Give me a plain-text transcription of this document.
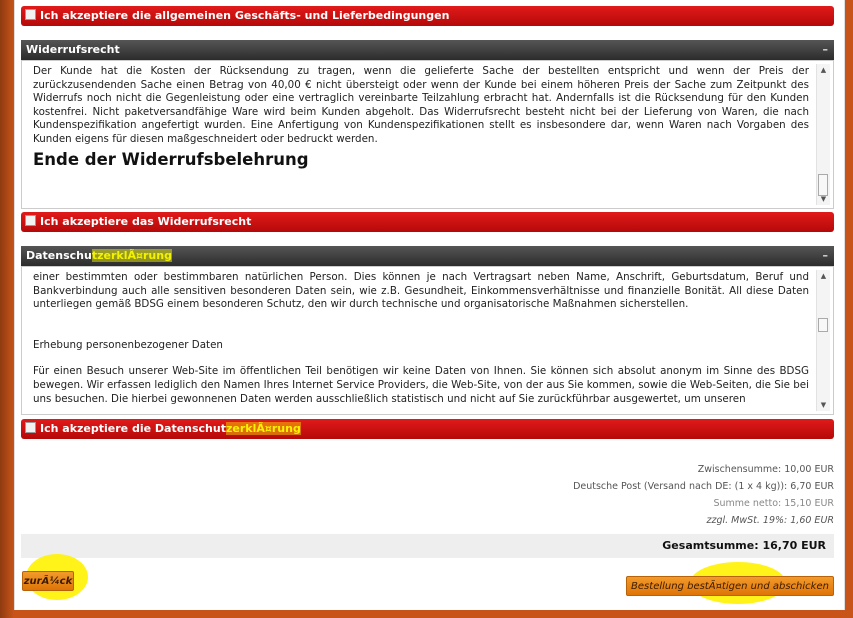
Ich akzeptiere die allgemeinen Geschäfts- und Lieferbedingungen
Widerrufsrecht	–
Der Kunde hat die Kosten der Rücksendung zu tragen, wenn die gelieferte Sache der bestellten entspricht und wenn der Preis der zurückzusendenden Sache einen Betrag von 40,00 € nicht übersteigt oder wenn der Kunde bei einem höheren Preis der Sache zum Zeitpunkt des Widerrufs noch nicht die Gegenleistung oder eine vertraglich vereinbarte Teilzahlung erbracht hat. Andernfalls ist die Rücksendung für den Kunden kostenfrei. Nicht paketversandfähige Ware wird beim Kunden abgeholt. Das Widerrufsrecht besteht nicht bei der Lieferung von Waren, die nach Kundenspezifikation angefertigt wurden. Eine Anfertigung von Kundenspezifikationen stellt es insbesondere dar, wenn Waren nach Vorgaben des Kunden eigens für diesen maßgeschneidert oder bedruckt werden.
Ende der Widerrufsbelehrung
▲
▼
Ich akzeptiere das Widerrufsrecht
DatenschutzerklÃ¤rung	–
einer bestimmten oder bestimmbaren natürlichen Person. Dies können je nach Vertragsart neben Name, Anschrift, Geburtsdatum, Beruf und Bankverbindung auch alle sensitiven besonderen Daten sein, wie z.B. Gesundheit, Einkommensverhältnisse und finanzielle Bonität. All diese Daten unterliegen gemäß BDSG einem besonderen Schutz, den wir durch technische und organisatorische Maßnahmen sicherstellen.
Erhebung personenbezogener Daten
Für einen Besuch unserer Web-Site im öffentlichen Teil benötigen wir keine Daten von Ihnen. Sie können sich absolut anonym im Sinne des BDSG bewegen. Wir erfassen lediglich den Namen Ihres Internet Service Providers, die Web-Site, von der aus Sie kommen, sowie die Web-Seiten, die Sie bei uns besuchen. Die hierbei gewonnenen Daten werden ausschließlich statistisch und nicht auf Sie zurückführbar ausgewertet, um unseren
▲
▼
Ich akzeptiere die DatenschutzerklÃ¤rung
Zwischensumme: 10,00 EUR
Deutsche Post (Versand nach DE: (1 x 4 kg)): 6,70 EUR
Summe netto: 15,10 EUR
zzgl. MwSt. 19%: 1,60 EUR
Gesamtsumme: 16,70 EUR
zurÃ¼ck	Bestellung bestÃ¤tigen und abschicken
